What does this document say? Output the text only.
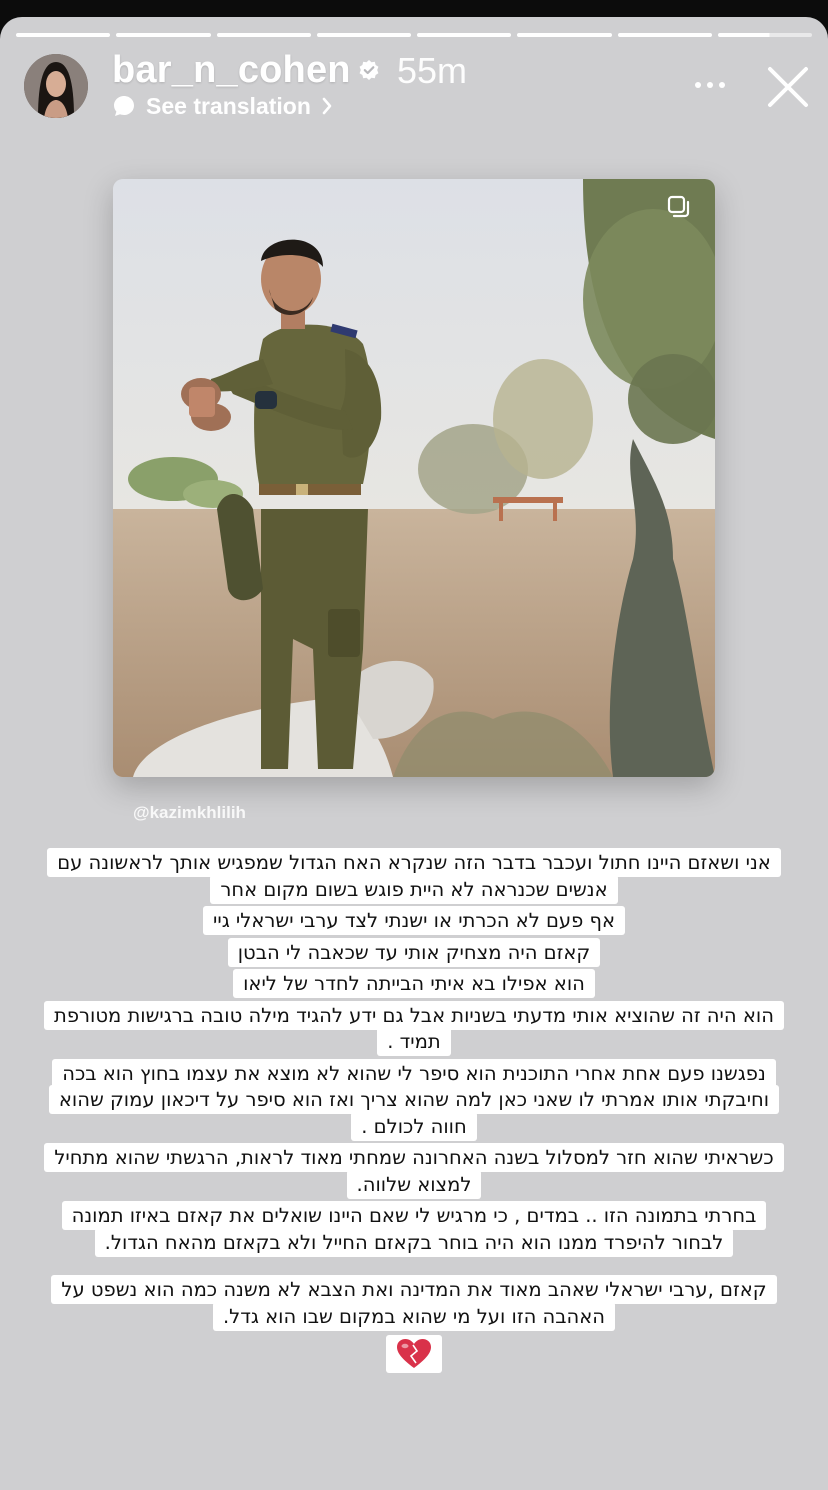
bar_n_cohen 55m
See translation
@kazimkhlilih
אני ושאזם היינו חתול ועכבר בדבר הזה שנקרא האח הגדול שמפגיש אותך לראשונה עם אנשים שכנראה לא היית פוגש בשום מקום אחר
אף פעם לא הכרתי או ישנתי לצד ערבי ישראלי גיי
קאזם היה מצחיק אותי עד שכאבה לי הבטן
הוא אפילו בא איתי הבייתה לחדר של ליאו
הוא היה זה שהוציא אותי מדעתי בשניות אבל גם ידע להגיד מילה טובה ברגישות מטורפת תמיד .
נפגשנו פעם אחת אחרי התוכנית הוא סיפר לי שהוא לא מוצא את עצמו בחוץ הוא בכה וחיבקתי אותו אמרתי לו שאני כאן למה שהוא צריך ואז הוא סיפר על דיכאון עמוק שהוא חווה לכולם .
כשראיתי שהוא חזר למסלול בשנה האחרונה שמחתי מאוד לראות, הרגשתי שהוא מתחיל למצוא שלווה.
בחרתי בתמונה הזו .. במדים , כי מרגיש לי שאם היינו שואלים את קאזם באיזו תמונה לבחור להיפרד ממנו הוא היה בוחר בקאזם החייל ולא בקאזם מהאח הגדול.
קאזם ,ערבי ישראלי שאהב מאוד את המדינה ואת הצבא לא משנה כמה הוא נשפט על האהבה הזו ועל מי שהוא במקום שבו הוא גדל.
